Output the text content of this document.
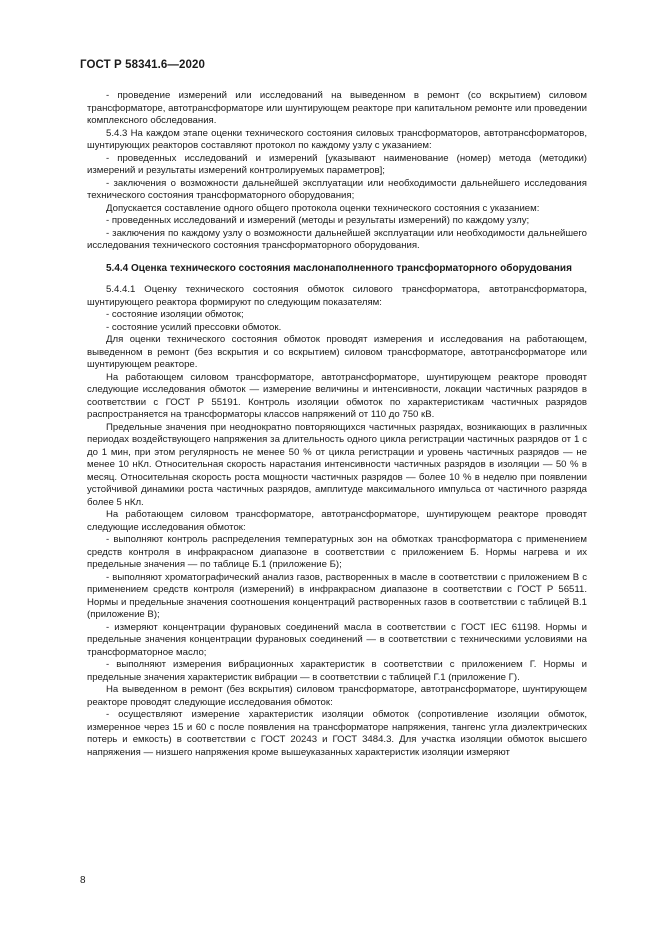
ГОСТ Р 58341.6—2020

- проведение измерений или исследований на выведенном в ремонт (со вскрытием) силовом трансформаторе, автотрансформаторе или шунтирующем реакторе при капитальном ремонте или проведении комплексного обследования.

5.4.3 На каждом этапе оценки технического состояния силовых трансформаторов, автотрансформаторов, шунтирующих реакторов составляют протокол по каждому узлу с указанием:

- проведенных исследований и измерений [указывают наименование (номер) метода (методики) измерений и результаты измерений контролируемых параметров];

- заключения о возможности дальнейшей эксплуатации или необходимости дальнейшего исследования технического состояния трансформаторного оборудования;

Допускается составление одного общего протокола оценки технического состояния с указанием:

- проведенных исследований и измерений (методы и результаты измерений) по каждому узлу;

- заключения по каждому узлу о возможности дальнейшей эксплуатации или необходимости дальнейшего исследования технического состояния трансформаторного оборудования.

5.4.4 Оценка технического состояния маслонаполненного трансформаторного оборудования

5.4.4.1 Оценку технического состояния обмоток силового трансформатора, автотрансформатора, шунтирующего реактора формируют по следующим показателям:

- состояние изоляции обмоток;

- состояние усилий прессовки обмоток.

Для оценки технического состояния обмоток проводят измерения и исследования на работающем, выведенном в ремонт (без вскрытия и со вскрытием) силовом трансформаторе, автотрансформаторе или шунтирующем реакторе.

На работающем силовом трансформаторе, автотрансформаторе, шунтирующем реакторе проводят следующие исследования обмоток — измерение величины и интенсивности, локации частичных разрядов в соответствии с ГОСТ Р 55191. Контроль изоляции обмоток по характеристикам частичных разрядов распространяется на трансформаторы классов напряжений от 110 до 750 кВ.

Предельные значения при неоднократно повторяющихся частичных разрядах, возникающих в различных периодах воздействующего напряжения за длительность одного цикла регистрации частичных разрядов от 1 с до 1 мин, при этом регулярность не менее 50 % от цикла регистрации и уровень частичных разрядов — не менее 10 нКл. Относительная скорость нарастания интенсивности частичных разрядов в изоляции — 50 % в месяц. Относительная скорость роста мощности частичных разрядов — более 10 % в неделю при появлении устойчивой динамики роста частичных разрядов, амплитуде максимального импульса от частичного разряда более 5 нКл.

На работающем силовом трансформаторе, автотрансформаторе, шунтирующем реакторе проводят следующие исследования обмоток:

- выполняют контроль распределения температурных зон на обмотках трансформатора с применением средств контроля в инфракрасном диапазоне в соответствии с приложением Б. Нормы нагрева и их предельные значения — по таблице Б.1 (приложение Б);

- выполняют хроматографический анализ газов, растворенных в масле в соответствии с приложением В с применением средств контроля (измерений) в инфракрасном диапазоне в соответствии с ГОСТ Р 56511. Нормы и предельные значения соотношения концентраций растворенных газов в соответствии с таблицей В.1 (приложение В);

- измеряют концентрации фурановых соединений масла в соответствии с ГОСТ IEC 61198. Нормы и предельные значения концентрации фурановых соединений — в соответствии с техническими условиями на трансформаторное масло;

- выполняют измерения вибрационных характеристик в соответствии с приложением Г. Нормы и предельные значения характеристик вибрации — в соответствии с таблицей Г.1 (приложение Г).

На выведенном в ремонт (без вскрытия) силовом трансформаторе, автотрансформаторе, шунтирующем реакторе проводят следующие исследования обмоток:

- осуществляют измерение характеристик изоляции обмоток (сопротивление изоляции обмоток, измеренное через 15 и 60 с после появления на трансформаторе напряжения, тангенс угла диэлектрических потерь и емкость) в соответствии с ГОСТ 20243 и ГОСТ 3484.3. Для участка изоляции обмоток высшего напряжения — низшего напряжения кроме вышеуказанных характеристик изоляции измеряют

8
